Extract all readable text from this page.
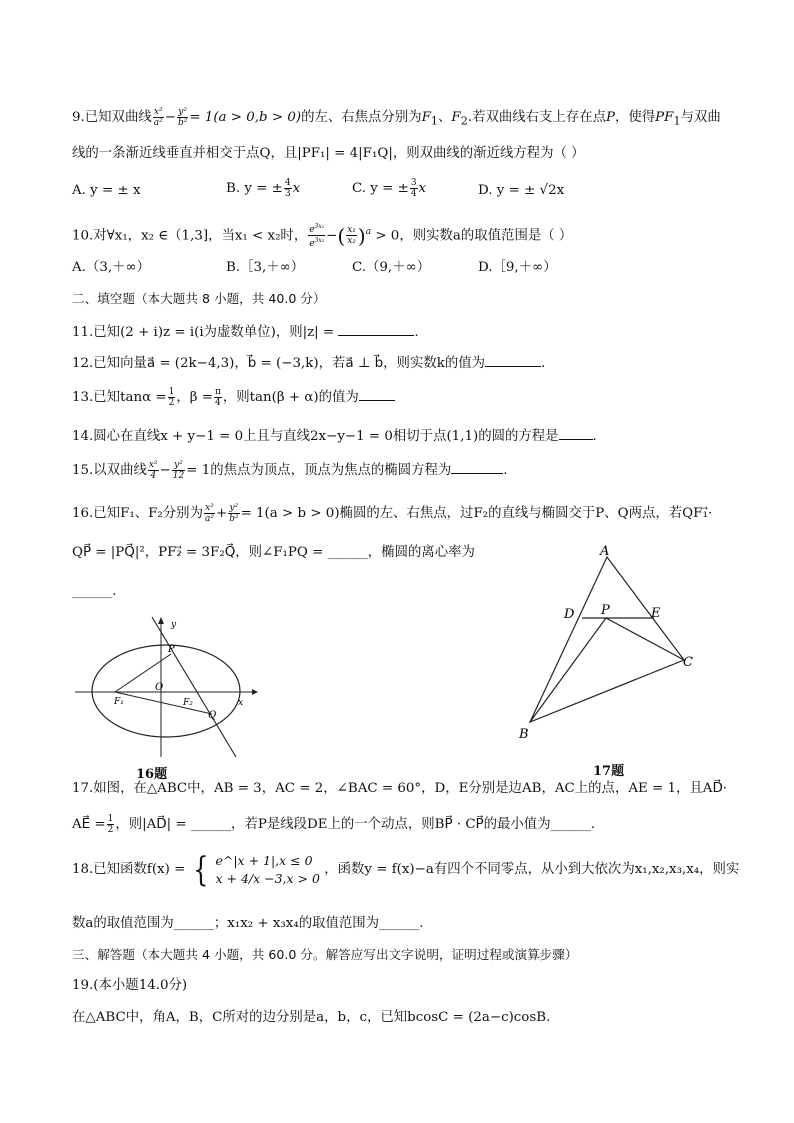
9.已知双曲线 $\frac{\text{x²}}{\text{a²}} - \frac{\text{y²}}{\text{b²}} = 1(a > 0,b > 0)$的左、右焦点分别为$F_1$、$F_2$.若双曲线右支上存在点P，使得$PF_1$与双曲
线的一条渐近线垂直并相交于点Q，且|PF₁| = 4|F₁Q|，则双曲线的渐近线方程为（ ）
A. y = ± x	B. y = ± $\frac{4}{3}$ x	C. y = ± $\frac{3}{4}$ x	D. y = ± √2x
10.对∀x₁，x₂ ∈（1,3]，当x₁ < x₂时， $\frac{e^{3x_1}}{e^{3x_2}}$ −( $\frac{\text{x₁}}{\text{x₂}} )^a > 0$，则实数a的取值范围是（ ）
A.（3,＋∞）	B.［3,＋∞）	C.（9,＋∞）	D.［9,＋∞）
二、填空题（本大题共 8 小题，共 40.0 分）
11.已知(2 + i)z = i(i为虚数单位)，则|z| =	.
12.已知向量a⃗ = (2k−4,3)，b⃗ = (−3,k)，若a⃗ ⊥ b⃗，则实数k的值为	.
13.已知$\tan\alpha = \frac{1}{2}$ ，$\beta = \frac{\pi}{4}$ ，则tan(β + α)的值为
14.圆心在直线x + y−1 = 0上且与直线2x−y−1 = 0相切于点(1,1)的圆的方程是	.
15.以双曲线 $\frac{\text{x²}}{4} - \frac{\text{y²}}{12} = 1$的焦点为顶点，顶点为焦点的椭圆方程为	.
16.已知F₁、F₂分别为 $\frac{\text{x²}}{\text{a²}} + \frac{\text{y²}}{\text{b²}} = 1(a > b > 0)$椭圆的左、右焦点，过F₂的直线与椭圆交于P、Q两点，若QF₁⃗·
QP⃗ = |PQ⃗|²，PF₂⃗ = 3F₂Q⃗，则∠F₁PQ = ______，椭圆的离心率为
______.
y
x
P
O
F₁	F₂
Q
16题
A
B
C
D	E
P
17题
17.如图，在△ABC中，AB = 3，AC = 2，∠BAC = 60°，D，E分别是边AB，AC上的点，AE = 1，且AD⃗·
AE⃗ = $\frac{1}{2}$ ，则|AD⃗| = ______，若P是线段DE上的一个动点，则BP⃗ · CP⃗的最小值为______.
18.已知函数f(x) = { e^|x + 1|,x ≤ 0
x + 4/x −3,x > 0
，函数y = f(x)−a有四个不同零点，从小到大依次为x₁,x₂,x₃,x₄，则实
数a的取值范围为______；x₁x₂ + x₃x₄的取值范围为______.
三、解答题（本大题共 4 小题，共 60.0 分。解答应写出文字说明，证明过程或演算步骤）
19.(本小题14.0分)
在△ABC中，角A，B，C所对的边分别是a，b，c，已知bcosC = (2a−c)cosB.
